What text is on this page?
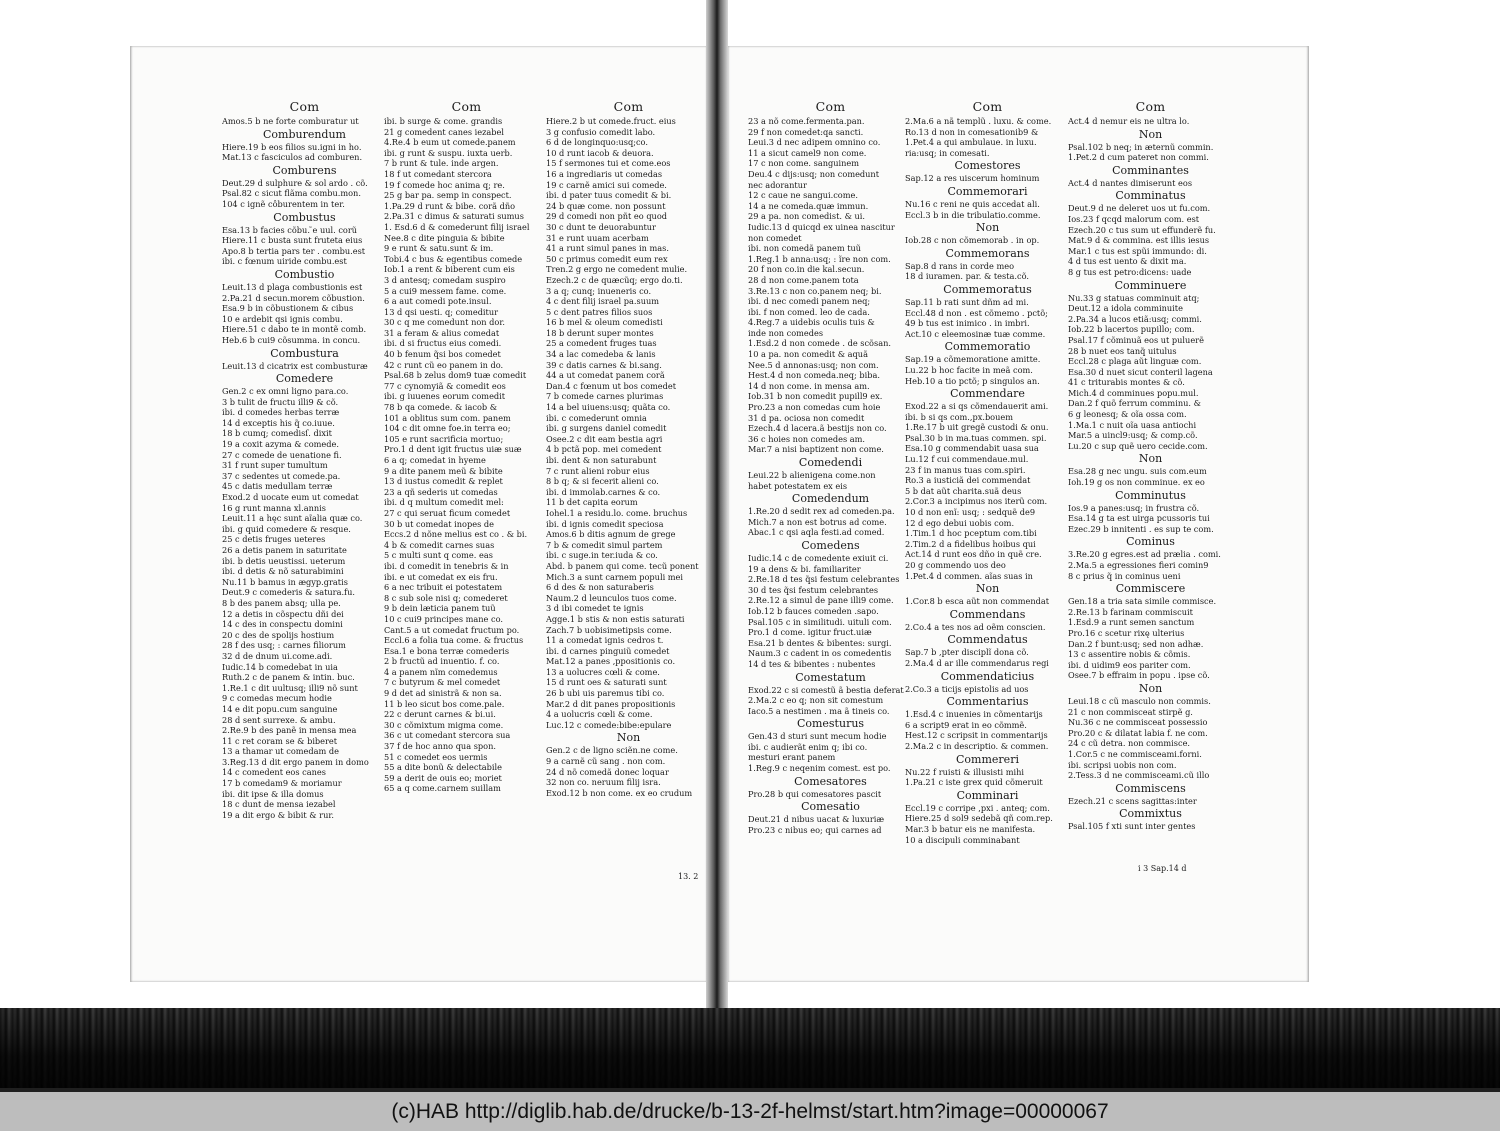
Com
Amos.5 b ne forte comburatur ut
Comburendum
Hiere.19 b eos filios su.igni in ho.
Mat.13 c fasciculos ad comburen.
Comburens
Deut.29 d sulphure & sol ardo . cõ.
Psal.82 c sicut flãma combu.mon.
104 c ignẽ côburentem in ter.
Combustus
Esa.13 b facies cõbu. ̃e uul. corũ
Hiere.11 c busta sunt fruteta eius
Apo.8 b tertia pars ter . combu.est
ibi. c fœnum uiride combu.est
Combustio
Leuit.13 d plaga combustionis est
2.Pa.21 d secun.morem cõbustion.
Esa.9 b in cõbustionem & cibus
10 e ardebit qsi ignis combu.
Hiere.51 c dabo te in montẽ comb.
Heb.6 b cui9 cõsumma. in concu.
Combustura
Leuit.13 d cicatrix est combusturæ
Comedere
Gen.2 c ex omni ligno para.co.
3 b tulit de fructu illi9 & cõ.
ibi. d comedes herbas terræ
14 d exceptis his q̃ co.iuue.
18 b cumq; comedisſ. dixit
19 a coxit azyma & comede.
27 c comede de uenatione fi.
31 f runt super tumultum
37 c sedentes ut comede.pa.
45 c datis medullam terræ
Exod.2 d uocate eum ut comedat
16 g runt manna xl.annis
Leuit.11 a hęc sunt aĩalia quæ co.
ibi. g quid comedere & resque.
25 c detis fruges ueteres
26 a detis panem in saturitate
ibi. b detis ueustissi. ueterum
ibi. d detis & nõ saturabimini
Nu.11 b bamus in ægyp.gratis
Deut.9 c comederis & satura.fu.
8 b des panem absq; ulla pe.
12 a detis in cõspectu dñi dei
14 c des in conspectu domini
20 c des de spolijs hostium
28 f des usq; : carnes filiorum
32 d de dnum ui.come.adi.
Iudic.14 b comedebat in uia
Ruth.2 c de panem & intin. buc.
1.Re.1 c dit uultusq; illi9 nõ sunt
9 c comedas mecum hodie
14 e dit popu.cum sanguine
28 d sent surrexe. & ambu.
2.Re.9 b des panẽ in mensa mea
11 c ret coram se & biberet
13 a thamar ut comedam de
3.Reg.13 d dit ergo panem in domo
14 c comedent eos canes
17 b comedam9 & moriamur
ibi. dit ipse & illa domus
18 c dunt de mensa iezabel
19 a dit ergo & bibit & rur.
Com
ibi. b surge & come. grandis
21 g comedent canes iezabel
4.Re.4 b eum ut comede.panem
ibi. g runt & suspu. iuxta uerb.
7 b runt & tule. inde argen.
18 f ut comedant stercora
19 f comede hoc anima q; re.
25 g bar pa. semp in conspect.
1.Pa.29 d runt & bibe. corã dño
2.Pa.31 c dimus & saturati sumus
1. Esd.6 d & comederunt filij israel
Nee.8 c dite pinguia & bibite
9 e runt & satu.sunt & im.
Tobi.4 c bus & egentibus comede
Iob.1 a rent & biberent cum eis
3 d antesq; comedam suspiro
5 a cui9 messem fame. come.
6 a aut comedi pote.insul.
13 d qsi uesti. q; comeditur
30 c q me comedunt non dor.
31 a feram & alius comedat
ibi. d si fructus eius comedi.
40 b fenum q̃si bos comedet
42 c runt cũ eo panem in do.
Psal.68 b zelus dom9 tuæ comedit
77 c cynomyiã & comedit eos
ibi. g iuuenes eorum comedit
78 b qa comede. & iacob &
101 a oblitus sum com. panem
104 c dit omne foe.in terra eo;
105 e runt sacrificia mortuo;
Pro.1 d dent igit fructus uiæ suæ
6 a q; comedat in hyeme
9 a dite panem meũ & bibite
13 d iustus comedit & replet
23 a qñ sederis ut comedas
ibi. d q multum comedit mel:
27 c qui seruat ficum comedet
30 b ut comedat inopes de
Eccs.2 d nõne melius est co . & bi.
4 b & comedit carnes suas
5 c multi sunt q come. eas
ibi. d comedit in tenebris & in
ibi. e ut comedat ex eis fru.
6 a nec tribuit ei potestatem
8 c sub sole nisi q; comederet
9 b dein læticia panem tuũ
10 c cui9 principes mane co.
Cant.5 a ut comedat fructum po.
Eccl.6 a folia tua come. & fructus
Esa.1 e bona terræ comederis
2 b fructũ ad inuentio. f. co.
4 a panem nĩm comedemus
7 c butyrum & mel comedet
9 d det ad sinistrã & non sa.
11 b leo sicut bos come.pale.
22 c derunt carnes & bi.ui.
30 c cõmixtum migma come.
36 c ut comedant stercora sua
37 f de hoc anno qua spon.
51 c comedet eos uermis
55 a dite bonũ & delectabile
59 a derit de ouis eo; moriet
65 a q come.carnem suillam
Com
Hiere.2 b ut comede.fruct. eius
3 g confusio comedit labo.
6 d de longinquo:usq;co.
10 d runt iacob & deuora.
15 f sermones tui et come.eos
16 a ingrediaris ut comedas
19 c carnẽ amici sui comede.
ibi. d pater tuus comedit & bi.
24 b quæ come. non possunt
29 d comedi non pñt eo quod
30 c dunt te deuorabuntur
31 e runt uuam acerbam
41 a runt simul panes in mas.
50 c primus comedit eum rex
Tren.2 g ergo ne comedent mulie.
Ezech.2 c de quæcũq; ergo do.ti.
3 a q; cunq; inueneris co.
4 c dent filij israel pa.suum
5 c dent patres filios suos
16 b mel & oleum comedisti
18 b derunt super montes
25 a comedent fruges tuas
34 a lac comedeba & lanis
39 c datis carnes & bi.sang.
44 a ut comedat panem corã
Dan.4 c fœnum ut bos comedet
7 b comede carnes plurimas
14 a bel uiuens:usq; quãta co.
ibi. c comederunt omnia
ibi. g surgens daniel comedit
Osee.2 c dit eam bestia agri
4 b pctã pop. mei comedent
ibi. dent & non saturabunt
7 c runt alieni robur eius
8 b q; & si fecerit alieni co.
ibi. d immolab.carnes & co.
11 b det capita eorum
Iohel.1 a residu.lo. come. bruchus
ibi. d ignis comedit speciosa
Amos.6 b ditis agnum de grege
7 b & comedit simul partem
ibi. c suge.in ter.iuda & co.
Abd. b panem qui come. tecũ ponent
Mich.3 a sunt carnem populi mei
6 d des & non saturaberis
Naum.2 d leunculos tuos come.
3 d ibi comedet te ignis
Agge.1 b stis & non estis saturati
Zach.7 b uobisimetipsis come.
11 a comedat ignis cedros t.
ibi. d carnes pinguiũ comedet
Mat.12 a panes ,ppositionis co.
13 a uolucres cœli & come.
15 d runt oes & saturati sunt
26 b ubi uis paremus tibi co.
Mar.2 d dit panes propositionis
4 a uolucris cœli & come.
Luc.12 c comede:bibe:epulare
Non
Gen.2 c de ligno sciẽn.ne come.
9 a carnẽ cũ sang . non com.
24 d nõ comedã donec loquar
32 non co. neruum filij isra.
Exod.12 b non come. ex eo crudum
Com
23 a nõ come.fermenta.pan.
29 f non comedet:qa sancti.
Leui.3 d nec adipem omnino co.
11 a sicut camel9 non come.
17 c non come. sanguinem
Deu.4 c dijs:usq; non comedunt
nec adorantur
12 c caue ne sangui.come.
14 a ne comeda.quæ immun.
29 a pa. non comedist. & ui.
Iudic.13 d quicqd ex uinea nascitur
non comedet
ibi. non comedã panem tuũ
1.Reg.1 b anna:usq; : ĩre non com.
20 f non co.in die kal.secun.
28 d non come.panem tota
3.Re.13 c non co.panem neq; bi.
ibi. d nec comedi panem neq;
ibi. f non comed. leo de cada.
4.Reg.7 a uidebis oculis tuis &
inde non comedes
1.Esd.2 d non comede . de scõsan.
10 a pa. non comedit & aquã
Nee.5 d annonas:usq; non com.
Hest.4 d non comeda.neq; biba.
14 d non come. in mensa am.
Iob.31 b non comedit pupill9 ex.
Pro.23 a non comedas cum hoie
31 d pa. ociosa non comedit
Ezech.4 d lacera.ã bestijs non co.
36 c hoies non comedes am.
Mar.7 a nisi baptizent non come.
Comedendi
Leui.22 b alienigena come.non
habet potestatem ex eis
Comedendum
1.Re.20 d sedit rex ad comeden.pa.
Mich.7 a non est botrus ad come.
Abac.1 c qsi aqla festi.ad comed.
Comedens
Iudic.14 c de comedente exiuit ci.
19 a dens & bi. familiariter
2.Re.18 d tes q̃si festum celebrantes
30 d tes q̃si festum celebrantes
2.Re.12 a simul de pane illi9 come.
Iob.12 b fauces comeden .sapo.
Psal.105 c in similitudi. uituli com.
Pro.1 d come. igitur fruct.uiæ
Esa.21 b dentes & bibentes: surgi.
Naum.3 c cadent in os comedentis
14 d tes & bibentes : nubentes
Comestatum
Exod.22 c si comestũ ã bestia deferat
2.Ma.2 c eo q; non sit comestum
Iaco.5 a nestimen . ma ã tineis co.
Comesturus
Gen.43 d sturi sunt mecum hodie
ibi. c audierãt enim q; ibi co.
mesturi erant panem
1.Reg.9 c neqenim comest. est po.
Comesatores
Pro.28 b qui comesatores pascit
Comesatio
Deut.21 d nibus uacat & luxuriæ
Pro.23 c nibus eo; qui carnes ad
Com
2.Ma.6 a nã templũ . luxu. & come.
Ro.13 d non in comesationib9 &
1.Pet.4 a qui ambulaue. in luxu.
ria:usq; in comesati.
Comestores
Sap.12 a res uiscerum hominum
Commemorari
Nu.16 c reni ne quis accedat ali.
Eccl.3 b in die tribulatio.comme.
Non
Iob.28 c non cõmemorab . in op.
Commemorans
Sap.8 d rans in corde meo
18 d iuramen. par. & testa.cõ.
Commemoratus
Sap.11 b rati sunt dñm ad mi.
Eccl.48 d non . est cõmemo . pctõ;
49 b tus est inimico . in imbri.
Act.10 c eleemosinæ tuæ comme.
Commemoratio
Sap.19 a cõmemoratione amitte.
Lu.22 b hoc facite in meã com.
Heb.10 a tio pctõ; p singulos an.
Commendare
Exod.22 a si qs cõmendauerit ami.
ibi. b si qs com.,px.bouem
1.Re.17 b uit gregẽ custodi & onu.
Psal.30 b in ma.tuas commen. spi.
Esa.10 g commendabit uasa sua
Lu.12 f cui commendaue.mul.
23 f in manus tuas com.spiri.
Ro.3 a iusticiã dei commendat
5 b dat aũt charita.suã deus
2.Cor.3 a incipimus nos iterũ com.
10 d non enĩ: usq; : sedquẽ de9
12 d ego debui uobis com.
1.Tim.1 d hoc pceptum com.tibi
2.Tim.2 d a fidelibus hoibus qui
Act.14 d runt eos dño in quẽ cre.
20 g commendo uos deo
1.Pet.4 d commen. aĩas suas in
Non
1.Cor.8 b esca aũt non commendat
Commendans
2.Co.4 a tes nos ad oẽm conscien.
Commendatus
Sap.7 b ,pter disciplĩ dona cõ.
2.Ma.4 d ar ille commendarus regi
Commendaticius
2.Co.3 a ticijs epistolis ad uos
Commentarius
1.Esd.4 c inuenies in cõmentarijs
6 a script9 erat in eo cõmmẽ.
Hest.12 c scripsit in commentarijs
2.Ma.2 c in descriptio. & commen.
Commereri
Nu.22 f ruisti & illusisti mihi
1.Pa.21 c iste grex quid cõmeruit
Comminari
Eccl.19 c corripe ,pxi . anteq; com.
Hiere.25 d sol9 sedebã qñ com.rep.
Mar.3 b batur eis ne manifesta.
10 a discipuli comminabant
Com
Act.4 d nemur eis ne ultra lo.
Non
Psal.102 b neq; in æternũ commin.
1.Pet.2 d cum pateret non commi.
Comminantes
Act.4 d nantes dimiserunt eos
Comminatus
Deut.9 d ne deleret uos ut fu.com.
Ios.23 f qcqd malorum com. est
Ezech.20 c tus sum ut effunderẽ fu.
Mat.9 d & commina. est illis iesus
Mar.1 c tus est spũi immundo: di.
4 d tus est uento & dixit ma.
8 g tus est petro:dicens: uade
Comminuere
Nu.33 g statuas comminuit atq;
Deut.12 a idola comminuite
2.Pa.34 a lucos etiã:usq; commi.
Iob.22 b lacertos pupillo; com.
Psal.17 f cõminuã eos ut puluerẽ
28 b nuet eos tanq̃ uitulus
Eccl.28 c plaga aũt linguæ com.
Esa.30 d nuet sicut conteril lagena
41 c triturabis montes & cõ.
Mich.4 d comminues popu.mul.
Dan.2 f quõ ferrum comminu. &
6 g leonesq; & oĩa ossa com.
1.Ma.1 c nuit oĩa uasa antiochi
Mar.5 a uincl9:usq; & comp.cõ.
Lu.20 c sup quẽ uero cecide.com.
Non
Esa.28 g nec ungu. suis com.eum
Ioh.19 g os non comminue. ex eo
Comminutus
Ios.9 a panes:usq; in frustra cõ.
Esa.14 g ta est uirga pcussoris tui
Ezec.29 b innitenti . es sup te com.
Cominus
3.Re.20 g egres.est ad prælia . comi.
2.Ma.5 a egressiones fieri comin9
8 c prius q̃ in cominus ueni
Commiscere
Gen.18 a tria sata simile commisce.
2.Re.13 b farinam commiscuit
1.Esd.9 a runt semen sanctum
Pro.16 c scetur rixę ulterius
Dan.2 f bunt:usq; sed non adhæ.
13 c assentire nobis & cõmis.
ibi. d uidim9 eos pariter com.
Osee.7 b effraim in popu . ipse cõ.
Non
Leui.18 c cũ masculo non commis.
21 c non commisceat stirpẽ g.
Nu.36 c ne commisceat possessio
Pro.20 c & dilatat labia f. ne com.
24 c cũ detra. non commisce.
1.Cor.5 c ne commisceami.forni.
ibi. scripsi uobis non com.
2.Tess.3 d ne commisceami.cũ illo
Commiscens
Ezech.21 c scens sagittas:inter
Commixtus
Psal.105 f xti sunt inter gentes
13. 2
i 3 Sap.14 d
(c)HAB http://diglib.hab.de/drucke/b-13-2f-helmst/start.htm?image=00000067
